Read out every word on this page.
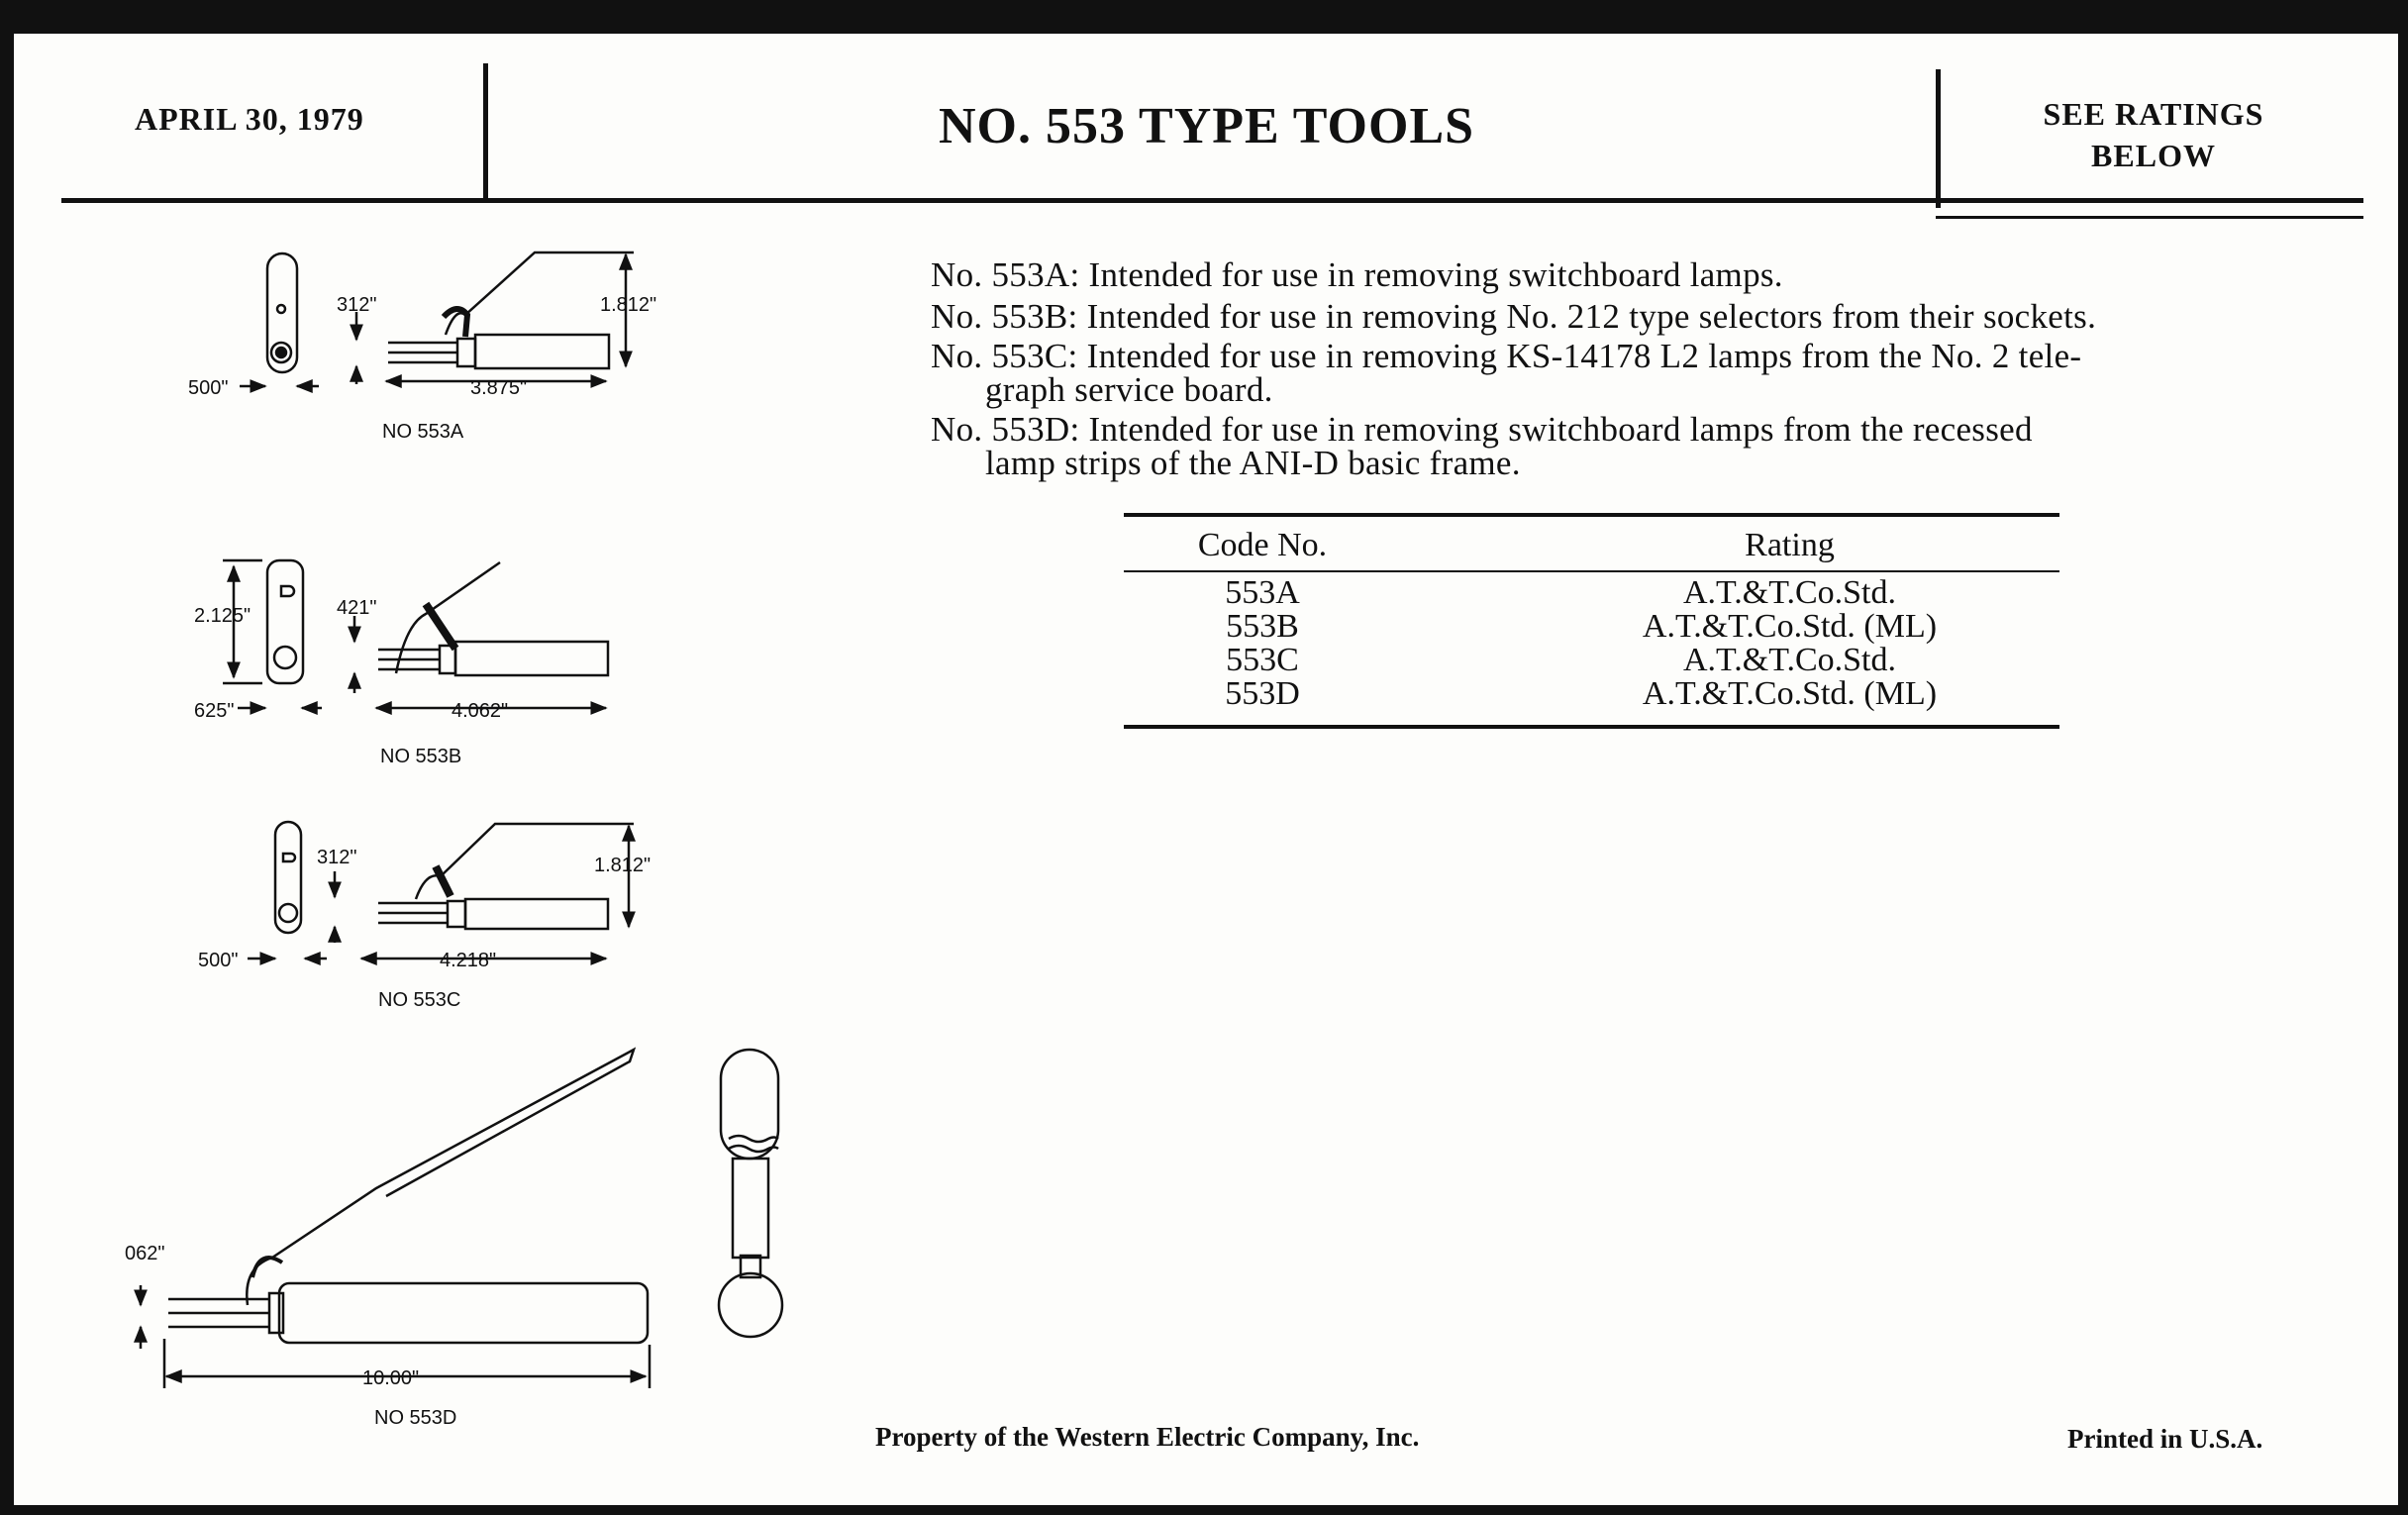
APRIL 30, 1979	NO. 553 TYPE TOOLS	SEE RATINGS
BELOW
No. 553A: Intended for use in removing switchboard lamps.
No. 553B: Intended for use in removing No. 212 type selectors from their sockets.
No. 553C: Intended for use in removing KS-14178 L2 lamps from the No. 2 tele-
graph service board.
No. 553D: Intended for use in removing switchboard lamps from the recessed
lamp strips of the ANI-D basic frame.
Code No.	Rating
553A	A.T.&T.Co.Std.
553B	A.T.&T.Co.Std. (ML)
553C	A.T.&T.Co.Std.
553D	A.T.&T.Co.Std. (ML)
312"	1.812"
500"	3.875"
NO 553A
2.125"	421"
625"	4.062"
NO 553B
312"	1.812"
500"	4.218"
NO 553C
062"
10.00"
NO 553D
Property of the Western Electric Company, Inc.	Printed in U.S.A.
